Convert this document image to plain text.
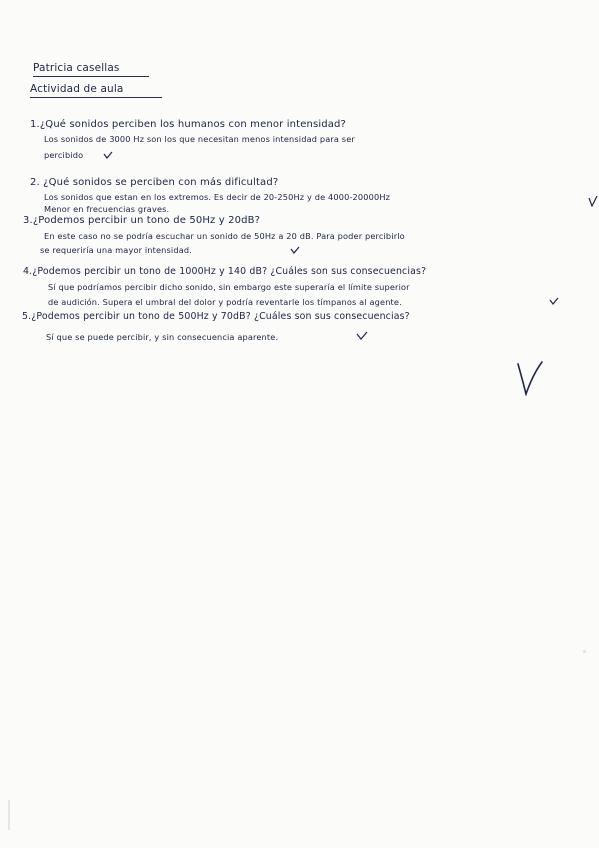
Patricia casellas
Actividad de aula
1.¿Qué sonidos perciben los humanos con menor intensidad?
Los sonidos de 3000 Hz son los que necesitan menos intensidad para ser
percibido
2. ¿Qué sonidos se perciben con más dificultad?
Los sonidos que estan en los extremos. Es decir de 20-250Hz y de 4000-20000Hz
Menor en frecuencias graves.
3.¿Podemos percibir un tono de 50Hz y 20dB?
En este caso no se podría escuchar un sonido de 50Hz a 20 dB. Para poder percibirlo
se requeriría una mayor intensidad.
4.¿Podemos percibir un tono de 1000Hz y 140 dB? ¿Cuáles son sus consecuencias?
Sí que podríamos percibir dicho sonido, sin embargo este superaría el límite superior
de audición. Supera el umbral del dolor y podría reventarle los tímpanos al agente.
5.¿Podemos percibir un tono de 500Hz y 70dB? ¿Cuáles son sus consecuencias?
Sí que se puede percibir, y sin consecuencia aparente.
